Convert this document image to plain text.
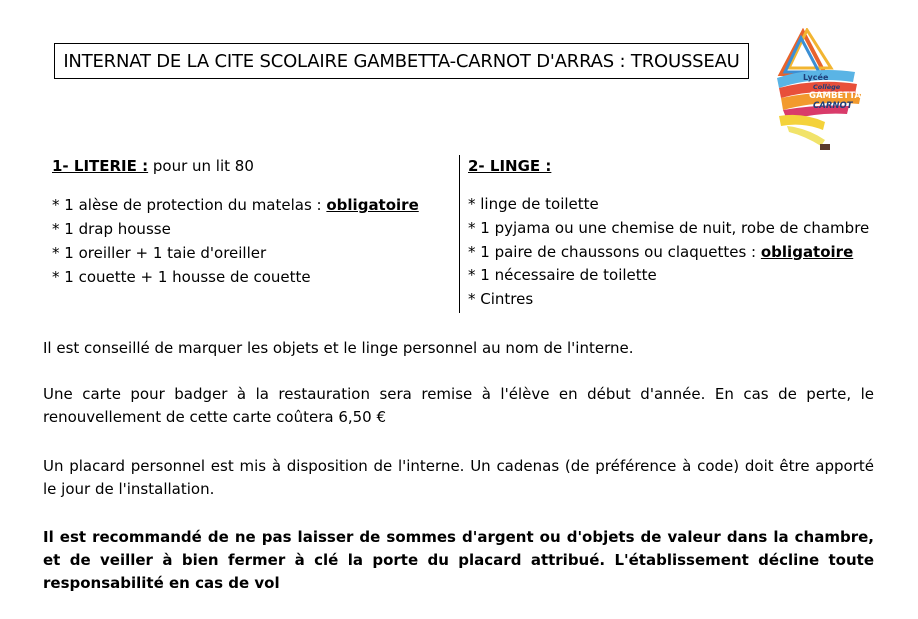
INTERNAT DE LA CITE SCOLAIRE GAMBETTA-CARNOT D'ARRAS : TROUSSEAU
Lycée
Collège
GAMBETTA
CARNOT
1- LITERIE : pour un lit 80
* 1 alèse de protection du matelas : obligatoire
* 1 drap housse
* 1 oreiller + 1 taie d'oreiller
* 1 couette + 1 housse de couette
2- LINGE :
* linge de toilette
* 1 pyjama ou une chemise de nuit, robe de chambre
* 1 paire de chaussons ou claquettes : obligatoire
* 1 nécessaire de toilette
* Cintres
Il est conseillé de marquer les objets et le linge personnel au nom de l'interne.
Une carte pour badger à la restauration sera remise à l'élève en début d'année. En cas de perte, le renouvellement de cette carte coûtera 6,50 €
Un placard personnel est mis à disposition de l'interne. Un cadenas (de préférence à code) doit être apporté le jour de l'installation.
Il est recommandé de ne pas laisser de sommes d'argent ou d'objets de valeur dans la chambre, et de veiller à bien fermer à clé la porte du placard attribué. L'établissement décline toute responsabilité en cas de vol
